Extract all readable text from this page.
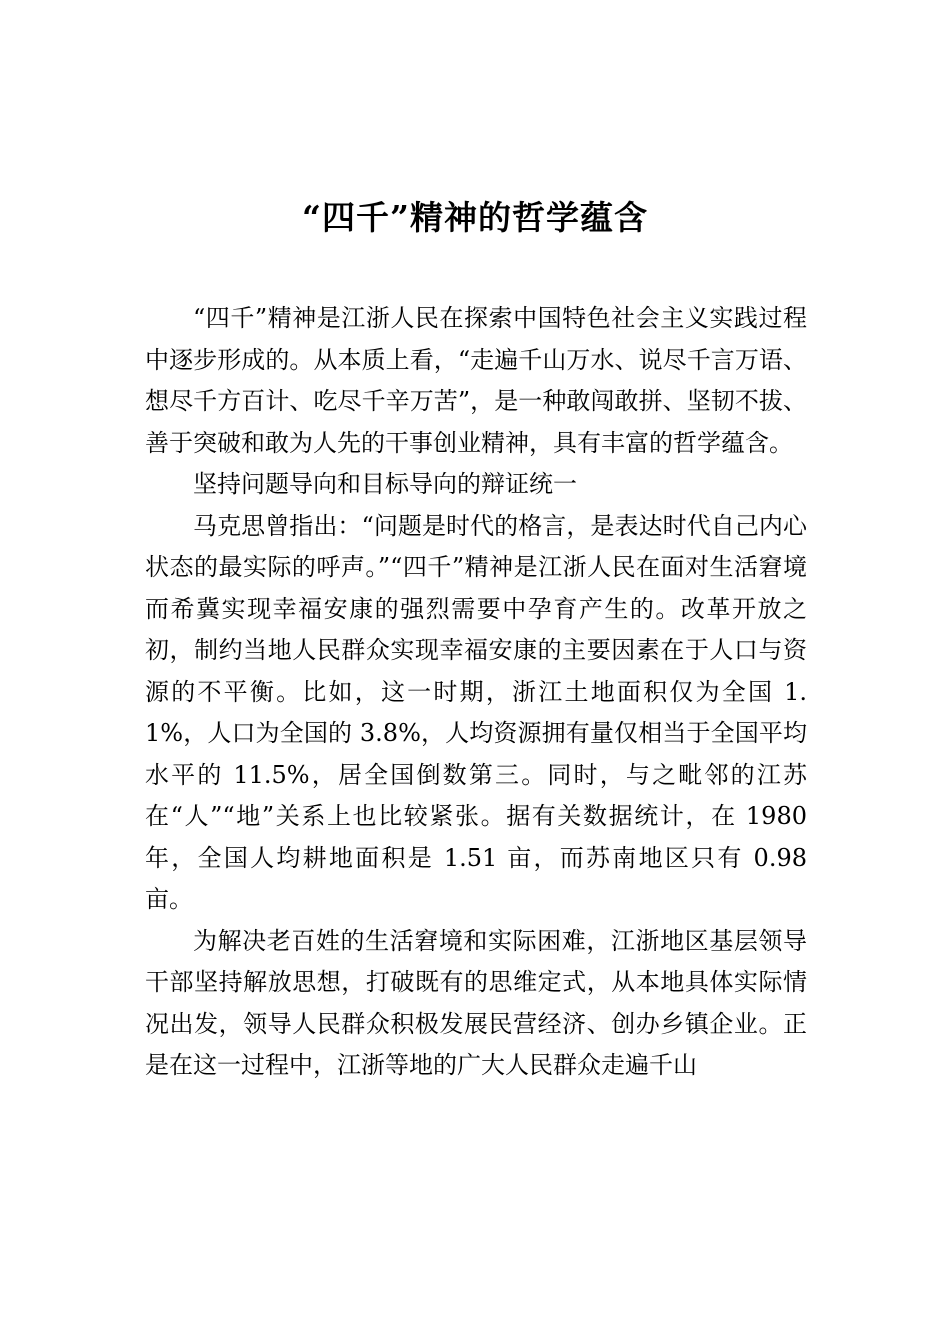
“四千”精神的哲学蕴含

“四千”精神是江浙人民在探索中国特色社会主义实践过程中逐步形成的。从本质上看，“走遍千山万水、说尽千言万语、想尽千方百计、吃尽千辛万苦”，是一种敢闯敢拼、坚韧不拔、善于突破和敢为人先的干事创业精神，具有丰富的哲学蕴含。

坚持问题导向和目标导向的辩证统一

马克思曾指出：“问题是时代的格言，是表达时代自己内心状态的最实际的呼声。”“四千”精神是江浙人民在面对生活窘境而希冀实现幸福安康的强烈需要中孕育产生的。改革开放之初，制约当地人民群众实现幸福安康的主要因素在于人口与资源的不平衡。比如，这一时期，浙江土地面积仅为全国 1.1%，人口为全国的 3.8%，人均资源拥有量仅相当于全国平均水平的 11.5%，居全国倒数第三。同时，与之毗邻的江苏在“人”“地”关系上也比较紧张。据有关数据统计，在 1980 年，全国人均耕地面积是 1.51 亩，而苏南地区只有 0.98 亩。

为解决老百姓的生活窘境和实际困难，江浙地区基层领导干部坚持解放思想，打破既有的思维定式，从本地具体实际情况出发，领导人民群众积极发展民营经济、创办乡镇企业。正是在这一过程中，江浙等地的广大人民群众走遍千山
